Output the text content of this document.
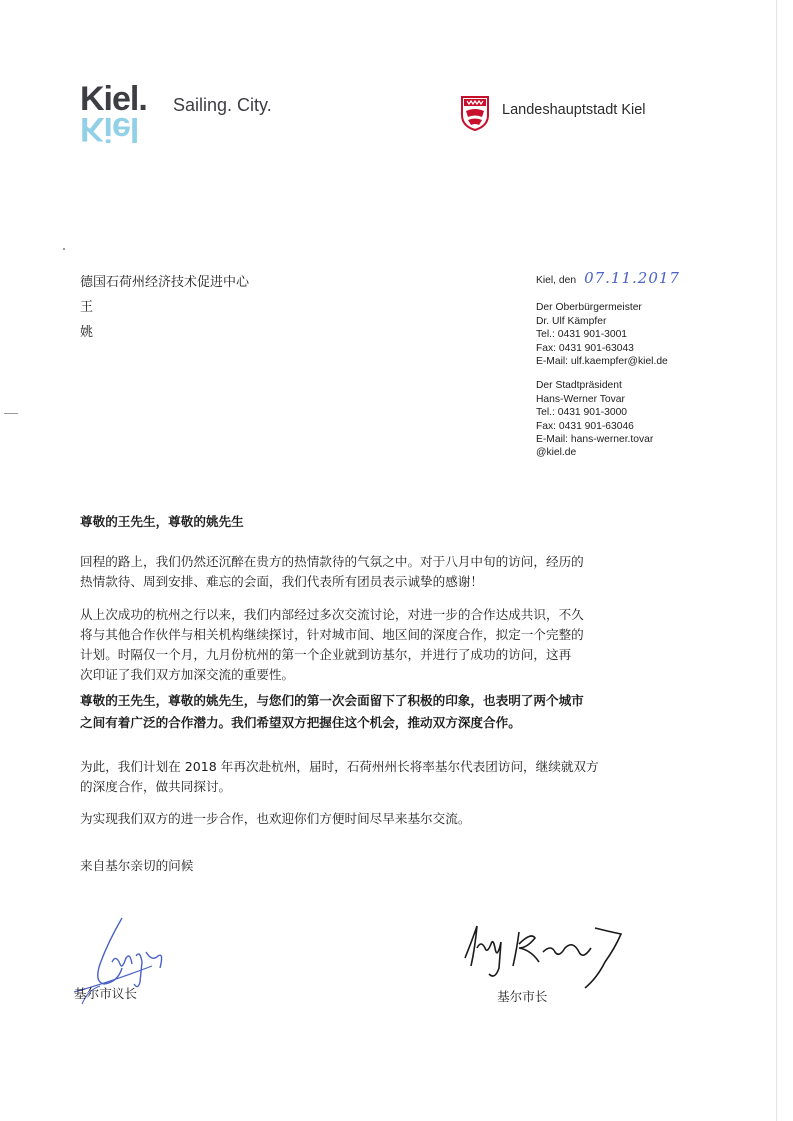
Kiel.
Kiel
Sailing. City.	Landeshauptstadt Kiel
德国石荷州经济技术促进中心
王
姚
Kiel, den 07.11.2017
Der Oberbürgermeister
Dr. Ulf Kämpfer
Tel.: 0431 901-3001
Fax: 0431 901-63043
E-Mail: ulf.kaempfer@kiel.de
Der Stadtpräsident
Hans-Werner Tovar
Tel.: 0431 901-3000
Fax: 0431 901-63046
E-Mail: hans-werner.tovar
@kiel.de
尊敬的王先生，尊敬的姚先生

回程的路上，我们仍然还沉醉在贵方的热情款待的气氛之中。对于八月中旬的访问，经历的

热情款待、周到安排、难忘的会面，我们代表所有团员表示诚挚的感谢！

从上次成功的杭州之行以来，我们内部经过多次交流讨论，对进一步的合作达成共识，不久

将与其他合作伙伴与相关机构继续探讨，针对城市间、地区间的深度合作，拟定一个完整的

计划。时隔仅一个月，九月份杭州的第一个企业就到访基尔，并进行了成功的访问，这再

次印证了我们双方加深交流的重要性。

尊敬的王先生，尊敬的姚先生，与您们的第一次会面留下了积极的印象，也表明了两个城市

之间有着广泛的合作潜力。我们希望双方把握住这个机会，推动双方深度合作。

为此，我们计划在 2018 年再次赴杭州，届时，石荷州州长将率基尔代表团访问，继续就双方

的深度合作，做共同探讨。

为实现我们双方的进一步合作，也欢迎你们方便时间尽早来基尔交流。
来自基尔亲切的问候
基尔市议长	基尔市长
